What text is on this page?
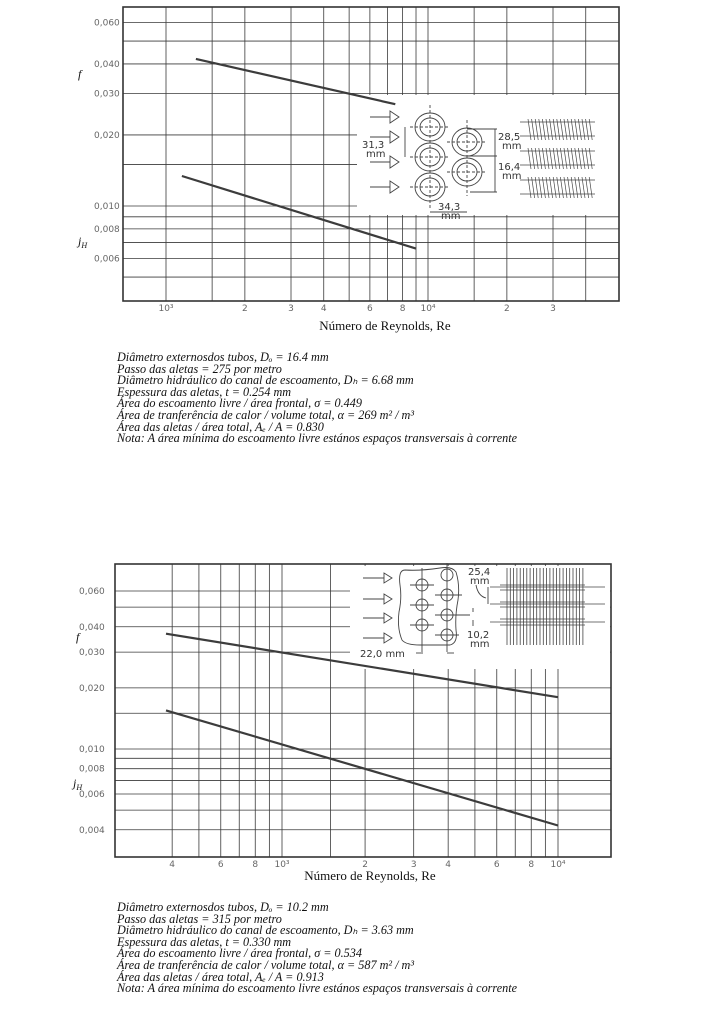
10³	2	3	4	6	8 10⁴	2	3
0,060
0,040
0,030
0,020
0,010
0,008
0,006
f
$j_H$
Número de Reynolds, Re
31,3
mm
28,5
mm
16,4
mm
34,3
mm
Diâmetro externosdos tubos, Dₒ = 16.4 mm
Passo das aletas = 275 por metro
Diâmetro hidráulico do canal de escoamento, Dₕ = 6.68 mm
Espessura das aletas, t = 0.254 mm
Área do escoamento livre / área frontal, σ = 0.449
Área de tranferência de calor / volume total, α = 269 m² / m³
Área das aletas / área total, Aₑ / A = 0.830
Nota: A área mínima do escoamento livre estános espaços transversais à corrente
4	6	8 10³	2	3	4	6	8 10⁴
0,060
0,040
0,030
0,020
0,010
0,008
0,006
0,004
f
$j_H$
Número de Reynolds, Re
25,4
mm
10,2
mm
22,0 mm
Diâmetro externosdos tubos, Dₒ = 10.2 mm
Passo das aletas = 315 por metro
Diâmetro hidráulico do canal de escoamento, Dₕ = 3.63 mm
Espessura das aletas, t = 0.330 mm
Área do escoamento livre / área frontal, σ = 0.534
Área de tranferência de calor / volume total, α = 587 m² / m³
Área das aletas / área total, Aₑ / A = 0.913
Nota: A área mínima do escoamento livre estános espaços transversais à corrente
